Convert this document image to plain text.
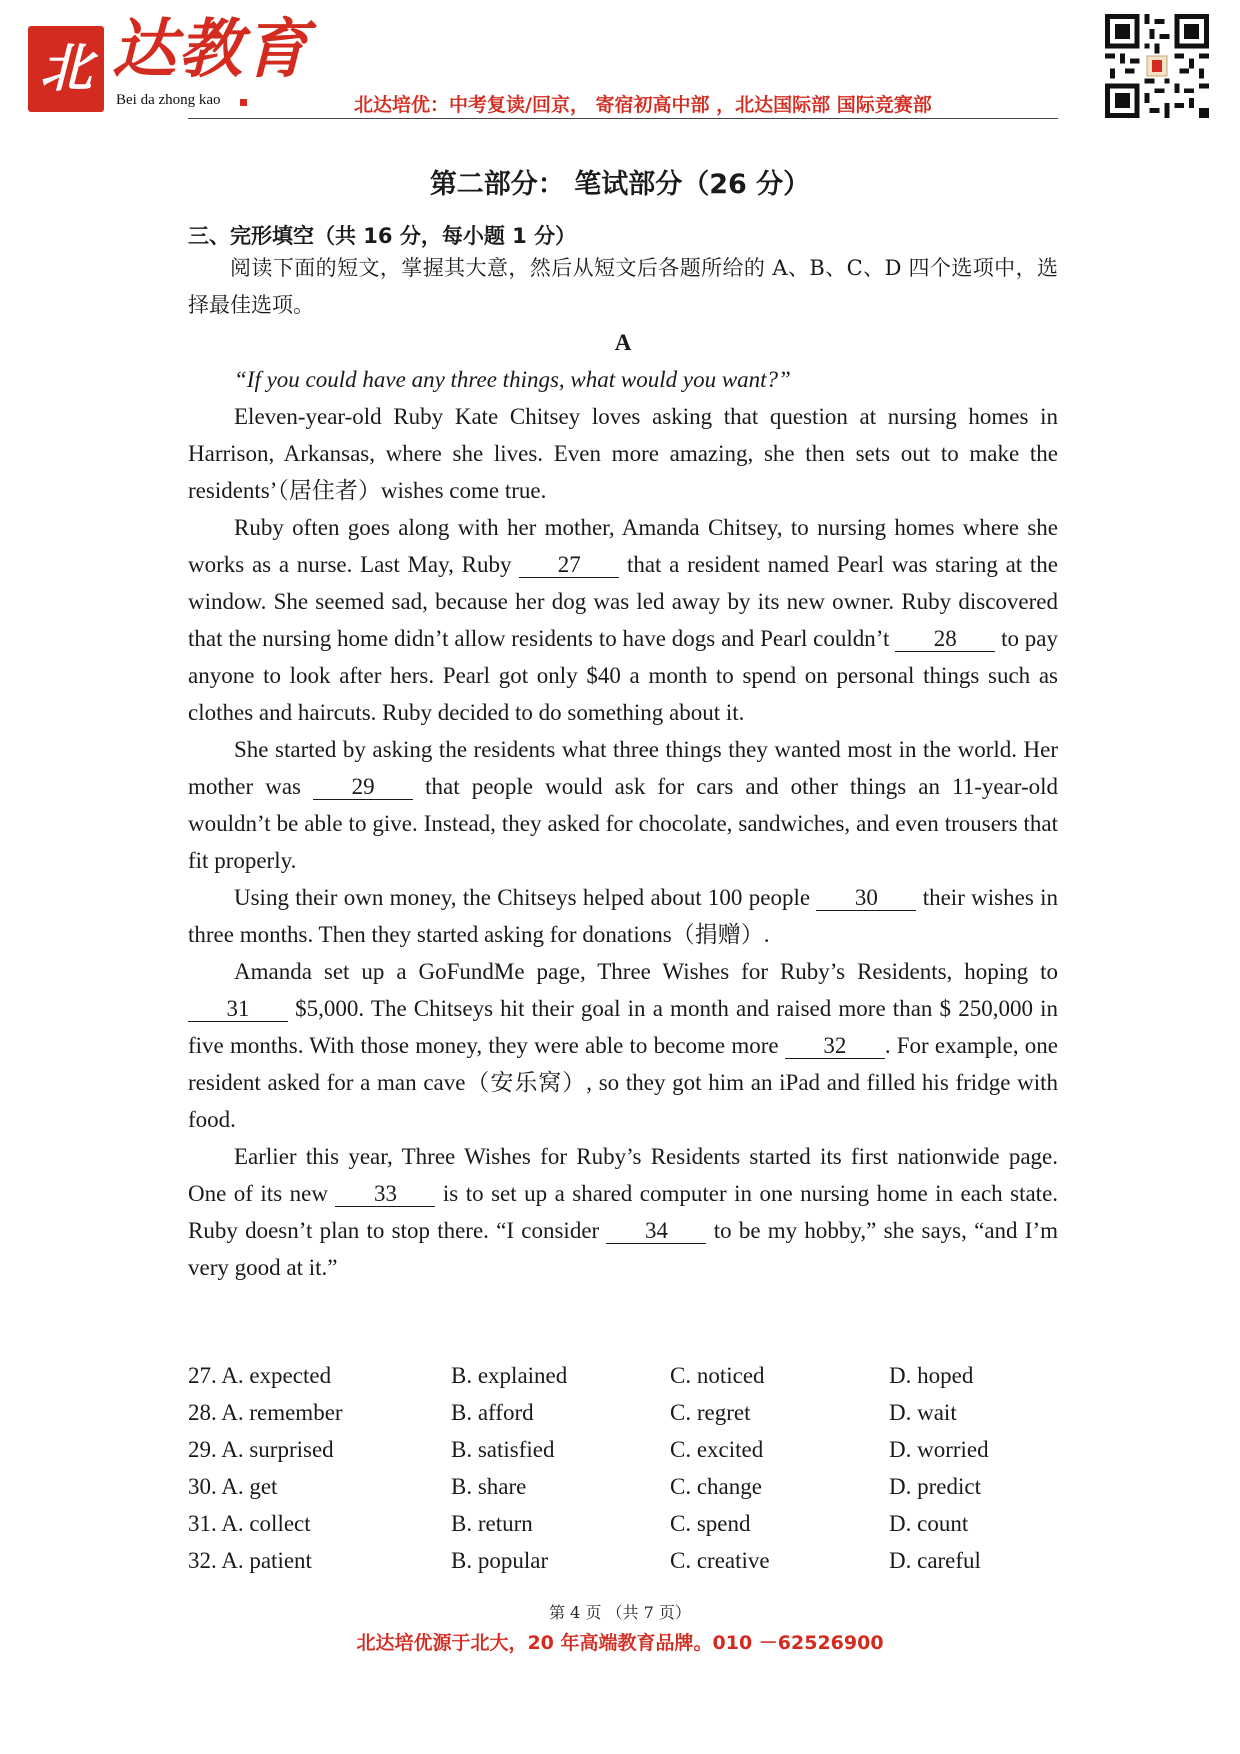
北 达教育
Bei da zhong kao	北达培优：中考复读/回京， 寄宿初高中部 ，北达国际部 国际竞赛部
第二部分： 笔试部分（26 分）
三、完形填空（共 16 分，每小题 1 分）

阅读下面的短文，掌握其大意，然后从短文后各题所给的 A、B、C、D 四个选项中，选择最佳选项。

A

“If you could have any three things, what would you want?”

Eleven-year-old Ruby Kate Chitsey loves asking that question at nursing homes in Harrison, Arkansas, where she lives. Even more amazing, she then sets out to make the residents’（居住者）wishes come true.

Ruby often goes along with her mother, Amanda Chitsey, to nursing homes where she works as a nurse. Last May, Ruby 27 that a resident named Pearl was staring at the window. She seemed sad, because her dog was led away by its new owner. Ruby discovered that the nursing home didn’t allow residents to have dogs and Pearl couldn’t 28 to pay anyone to look after hers. Pearl got only $40 a month to spend on personal things such as clothes and haircuts. Ruby decided to do something about it.

She started by asking the residents what three things they wanted most in the world. Her mother was 29 that people would ask for cars and other things an 11-year-old wouldn’t be able to give. Instead, they asked for chocolate, sandwiches, and even trousers that fit properly.

Using their own money, the Chitseys helped about 100 people 30 their wishes in three months. Then they started asking for donations（捐赠）.

Amanda set up a GoFundMe page, Three Wishes for Ruby’s Residents, hoping to 31 $5,000. The Chitseys hit their goal in a month and raised more than $ 250,000 in five months. With those money, they were able to become more 32 . For example, one resident asked for a man cave（安乐窝）, so they got him an iPad and filled his fridge with food.

Earlier this year, Three Wishes for Ruby’s Residents started its first nationwide page. One of its new 33 is to set up a shared computer in one nursing home in each state. Ruby doesn’t plan to stop there. “I consider 34 to be my hobby,” she says, “and I’m very good at it.”

27. A. expected	B. explained	C. noticed	D. hoped
28. A. remember	B. afford	C. regret	D. wait
29. A. surprised	B. satisfied	C. excited	D. worried
30. A. get	B. share	C. change	D. predict
31. A. collect	B. return	C. spend	D. count
32. A. patient	B. popular	C. creative	D. careful
第 4 页 （共 7 页）
北达培优源于北大，20 年高端教育品牌。010 －62526900
